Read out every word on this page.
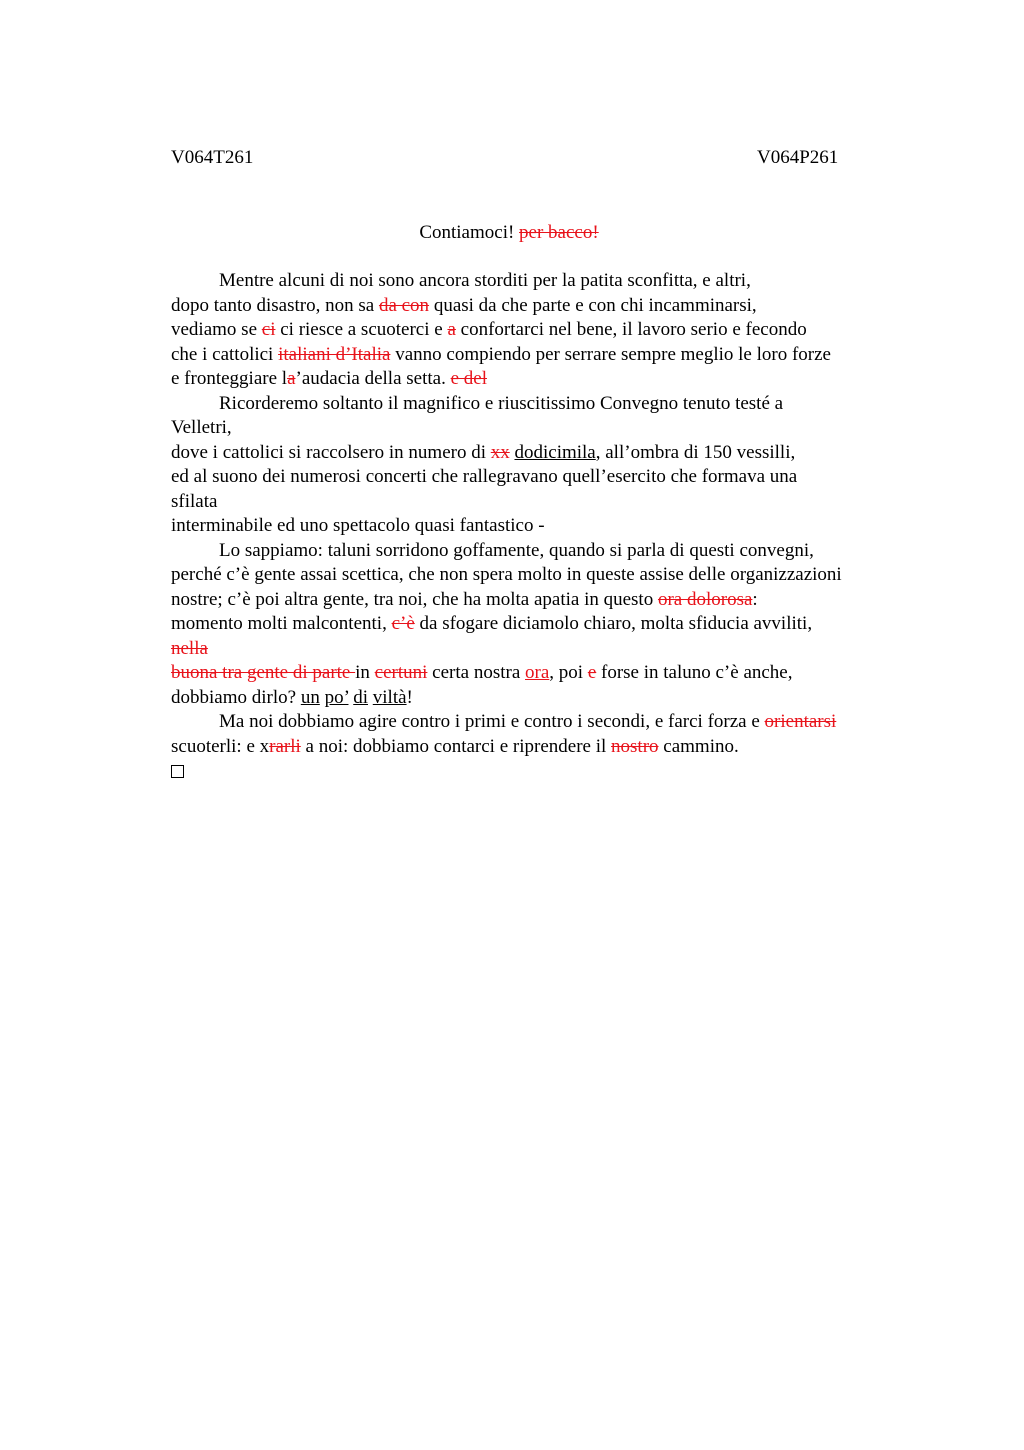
V064T261	V064P261
Contiamoci! per bacco!
Mentre alcuni di noi sono ancora storditi per la patita sconfitta, e altri,
dopo tanto disastro, non sa da con quasi da che parte e con chi incamminarsi,
vediamo se ci ci riesce a scuoterci e a confortarci nel bene, il lavoro serio e fecondo
che i cattolici italiani d’Italia vanno compiendo per serrare sempre meglio le loro forze
e fronteggiare la’audacia della setta. e del
Ricorderemo soltanto il magnifico e riuscitissimo Convegno tenuto testé a
Velletri,
dove i cattolici si raccolsero in numero di xx dodicimila, all’ombra di 150 vessilli,
ed al suono dei numerosi concerti che rallegravano quell’esercito che formava una
sfilata
interminabile ed uno spettacolo quasi fantastico -
Lo sappiamo: taluni sorridono goffamente, quando si parla di questi convegni,
perché c’è gente assai scettica, che non spera molto in queste assise delle organizzazioni
nostre; c’è poi altra gente, tra noi, che ha molta apatia in questo ora dolorosa:
momento molti malcontenti, c’è da sfogare diciamolo chiaro, molta sfiducia avviliti,
nella
buona tra gente di parte in certuni certa nostra ora, poi e forse in taluno c’è anche,
dobbiamo dirlo? un po’ di viltà!
Ma noi dobbiamo agire contro i primi e contro i secondi, e farci forza e orientarsi
scuoterli: e xrarli a noi: dobbiamo contarci e riprendere il nostro cammino.
